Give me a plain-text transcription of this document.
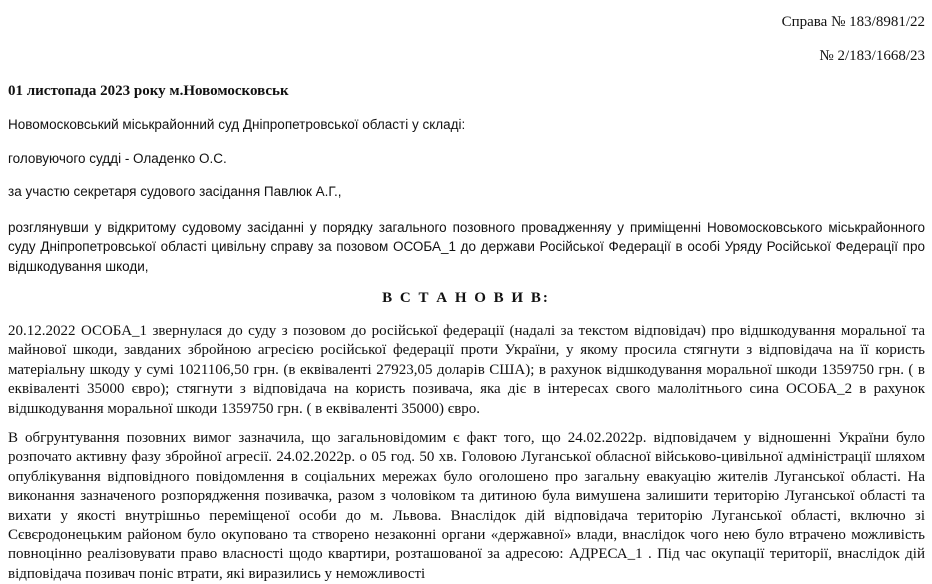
Справа № 183/8981/22
№ 2/183/1668/23
01 листопада 2023 року м.Новомосковськ
Новомосковський міськрайонний суд Дніпропетровської області у складі:
головуючого судді - Оладенко О.С.
за участю секретаря судового засідання Павлюк А.Г.,
розглянувши у відкритому судовому засіданні у порядку загального позовного провадженняу у приміщенні Новомосковського міськрайонного суду Дніпропетровської області цивільну справу за позовом ОСОБА_1 до держави Російської Федерації в особі Уряду Російської Федерації про відшкодування шкоди,
В С Т А Н О В И В:
20.12.2022 ОСОБА_1 звернулася до суду з позовом до російської федерації (надалі за текстом відповідач) про відшкодування моральної та майнової шкоди, завданих збройною агресією російської федерації проти України, у якому просила стягнути з відповідача на її користь матеріальну шкоду у сумі 1021106,50 грн. (в еквіваленті 27923,05 доларів США); в рахунок відшкодування моральної шкоди 1359750 грн. ( в еквіваленті 35000 євро); стягнути з відповідача на користь позивача, яка діє в інтересах свого малолітнього сина ОСОБА_2 в рахунок відшкодування моральної шкоди 1359750 грн. ( в еквіваленті 35000) євро.
В обгрунтування позовних вимог зазначила, що загальновідомим є факт того, що 24.02.2022р. відповідачем у відношенні України було розпочато активну фазу збройної агресії. 24.02.2022р. о 05 год. 50 хв. Головою Луганської обласної військово-цивільної адміністрації шляхом опублікування відповідного повідомлення в соціальних мережах було оголошено про загальну евакуацію жителів Луганської області. На виконання зазначеного розпорядження позивачка, разом з чоловіком та дитиною була вимушена залишити територію Луганської області та вихати у якості внутрішньо переміщеної особи до м. Львова. Внаслідок дій відповідача територію Луганської області, включно зі Сєвєродонецьким районом було окуповано та створено незаконні органи «державної» влади, внаслідок чого нею було втрачено можливість повноцінно реалізовувати право власності щодо квартири, розташованої за адресою: АДРЕСА_1 . Під час окупації території, внаслідок дій відповідача позивач поніс втрати, які виразились у неможливості
